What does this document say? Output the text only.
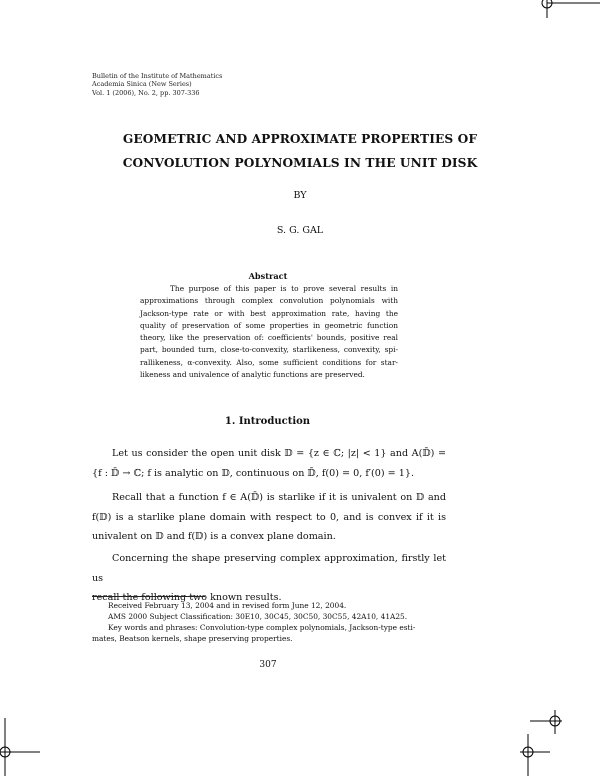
Bulletin of the Institute of Mathematics
Academia Sinica (New Series)
Vol. 1 (2006), No. 2, pp. 307-336
GEOMETRIC AND APPROXIMATE PROPERTIES OF
CONVOLUTION POLYNOMIALS IN THE UNIT DISK
BY
S. G. GAL
Abstract
The purpose of this paper is to prove several results in
approximations through complex convolution polynomials with
Jackson-type rate or with best approximation rate, having the
quality of preservation of some properties in geometric function
theory, like the preservation of: coefficients' bounds, positive real
part, bounded turn, close-to-convexity, starlikeness, convexity, spi-
rallikeness, α-convexity. Also, some sufficient conditions for star-
likeness and univalence of analytic functions are preserved.
1. Introduction
Let us consider the open unit disk 𝔻 = {z ∈ ℂ; |z| < 1} and A(𝔻̄) =
{f : 𝔻̄ → ℂ; f is analytic on 𝔻, continuous on 𝔻̄, f(0) = 0, f′(0) = 1}.
Recall that a function f ∈ A(𝔻̄) is starlike if it is univalent on 𝔻 and
f(𝔻) is a starlike plane domain with respect to 0, and is convex if it is
univalent on 𝔻 and f(𝔻) is a convex plane domain.
Concerning the shape preserving complex approximation, firstly let us
recall the following two known results.
Received February 13, 2004 and in revised form June 12, 2004.
AMS 2000 Subject Classification: 30E10, 30C45, 30C50, 30C55, 42A10, 41A25.
Key words and phrases: Convolution-type complex polynomials, Jackson-type esti-
mates, Beatson kernels, shape preserving properties.
307
